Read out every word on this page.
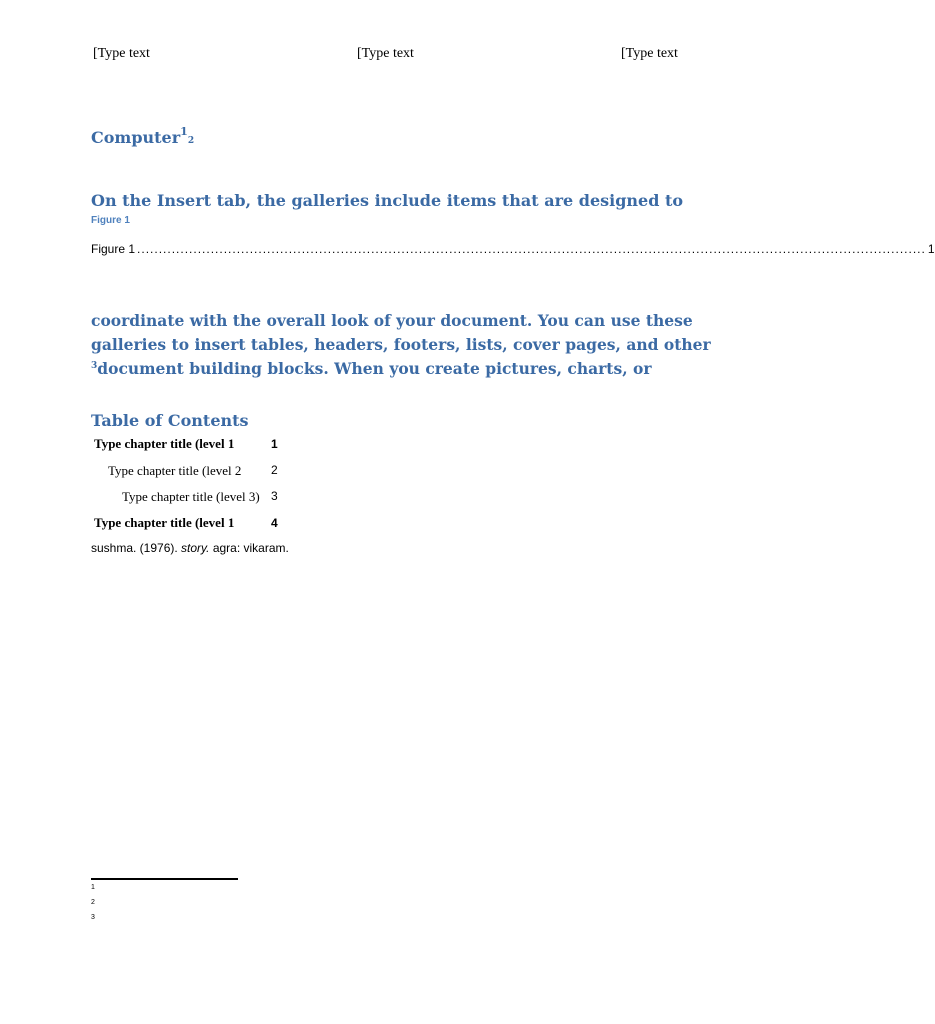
[Type text	[Type text	[Type text
Computer$^1$2
On the Insert tab, the galleries include items that are designed to
Figure 1
Figure 1 ...................................................................................................................................................................................... 1
coordinate with the overall look of your document. You can use these
galleries to insert tables, headers, footers, lists, cover pages, and other
$^3$document building blocks. When you create pictures, charts, or
Table of Contents
Type chapter title (level 1	1
Type chapter title (level 2	2
Type chapter title (level 3) 3
Type chapter title (level 1	4
sushma. (1976). story. agra: vikaram.
1
2
3
